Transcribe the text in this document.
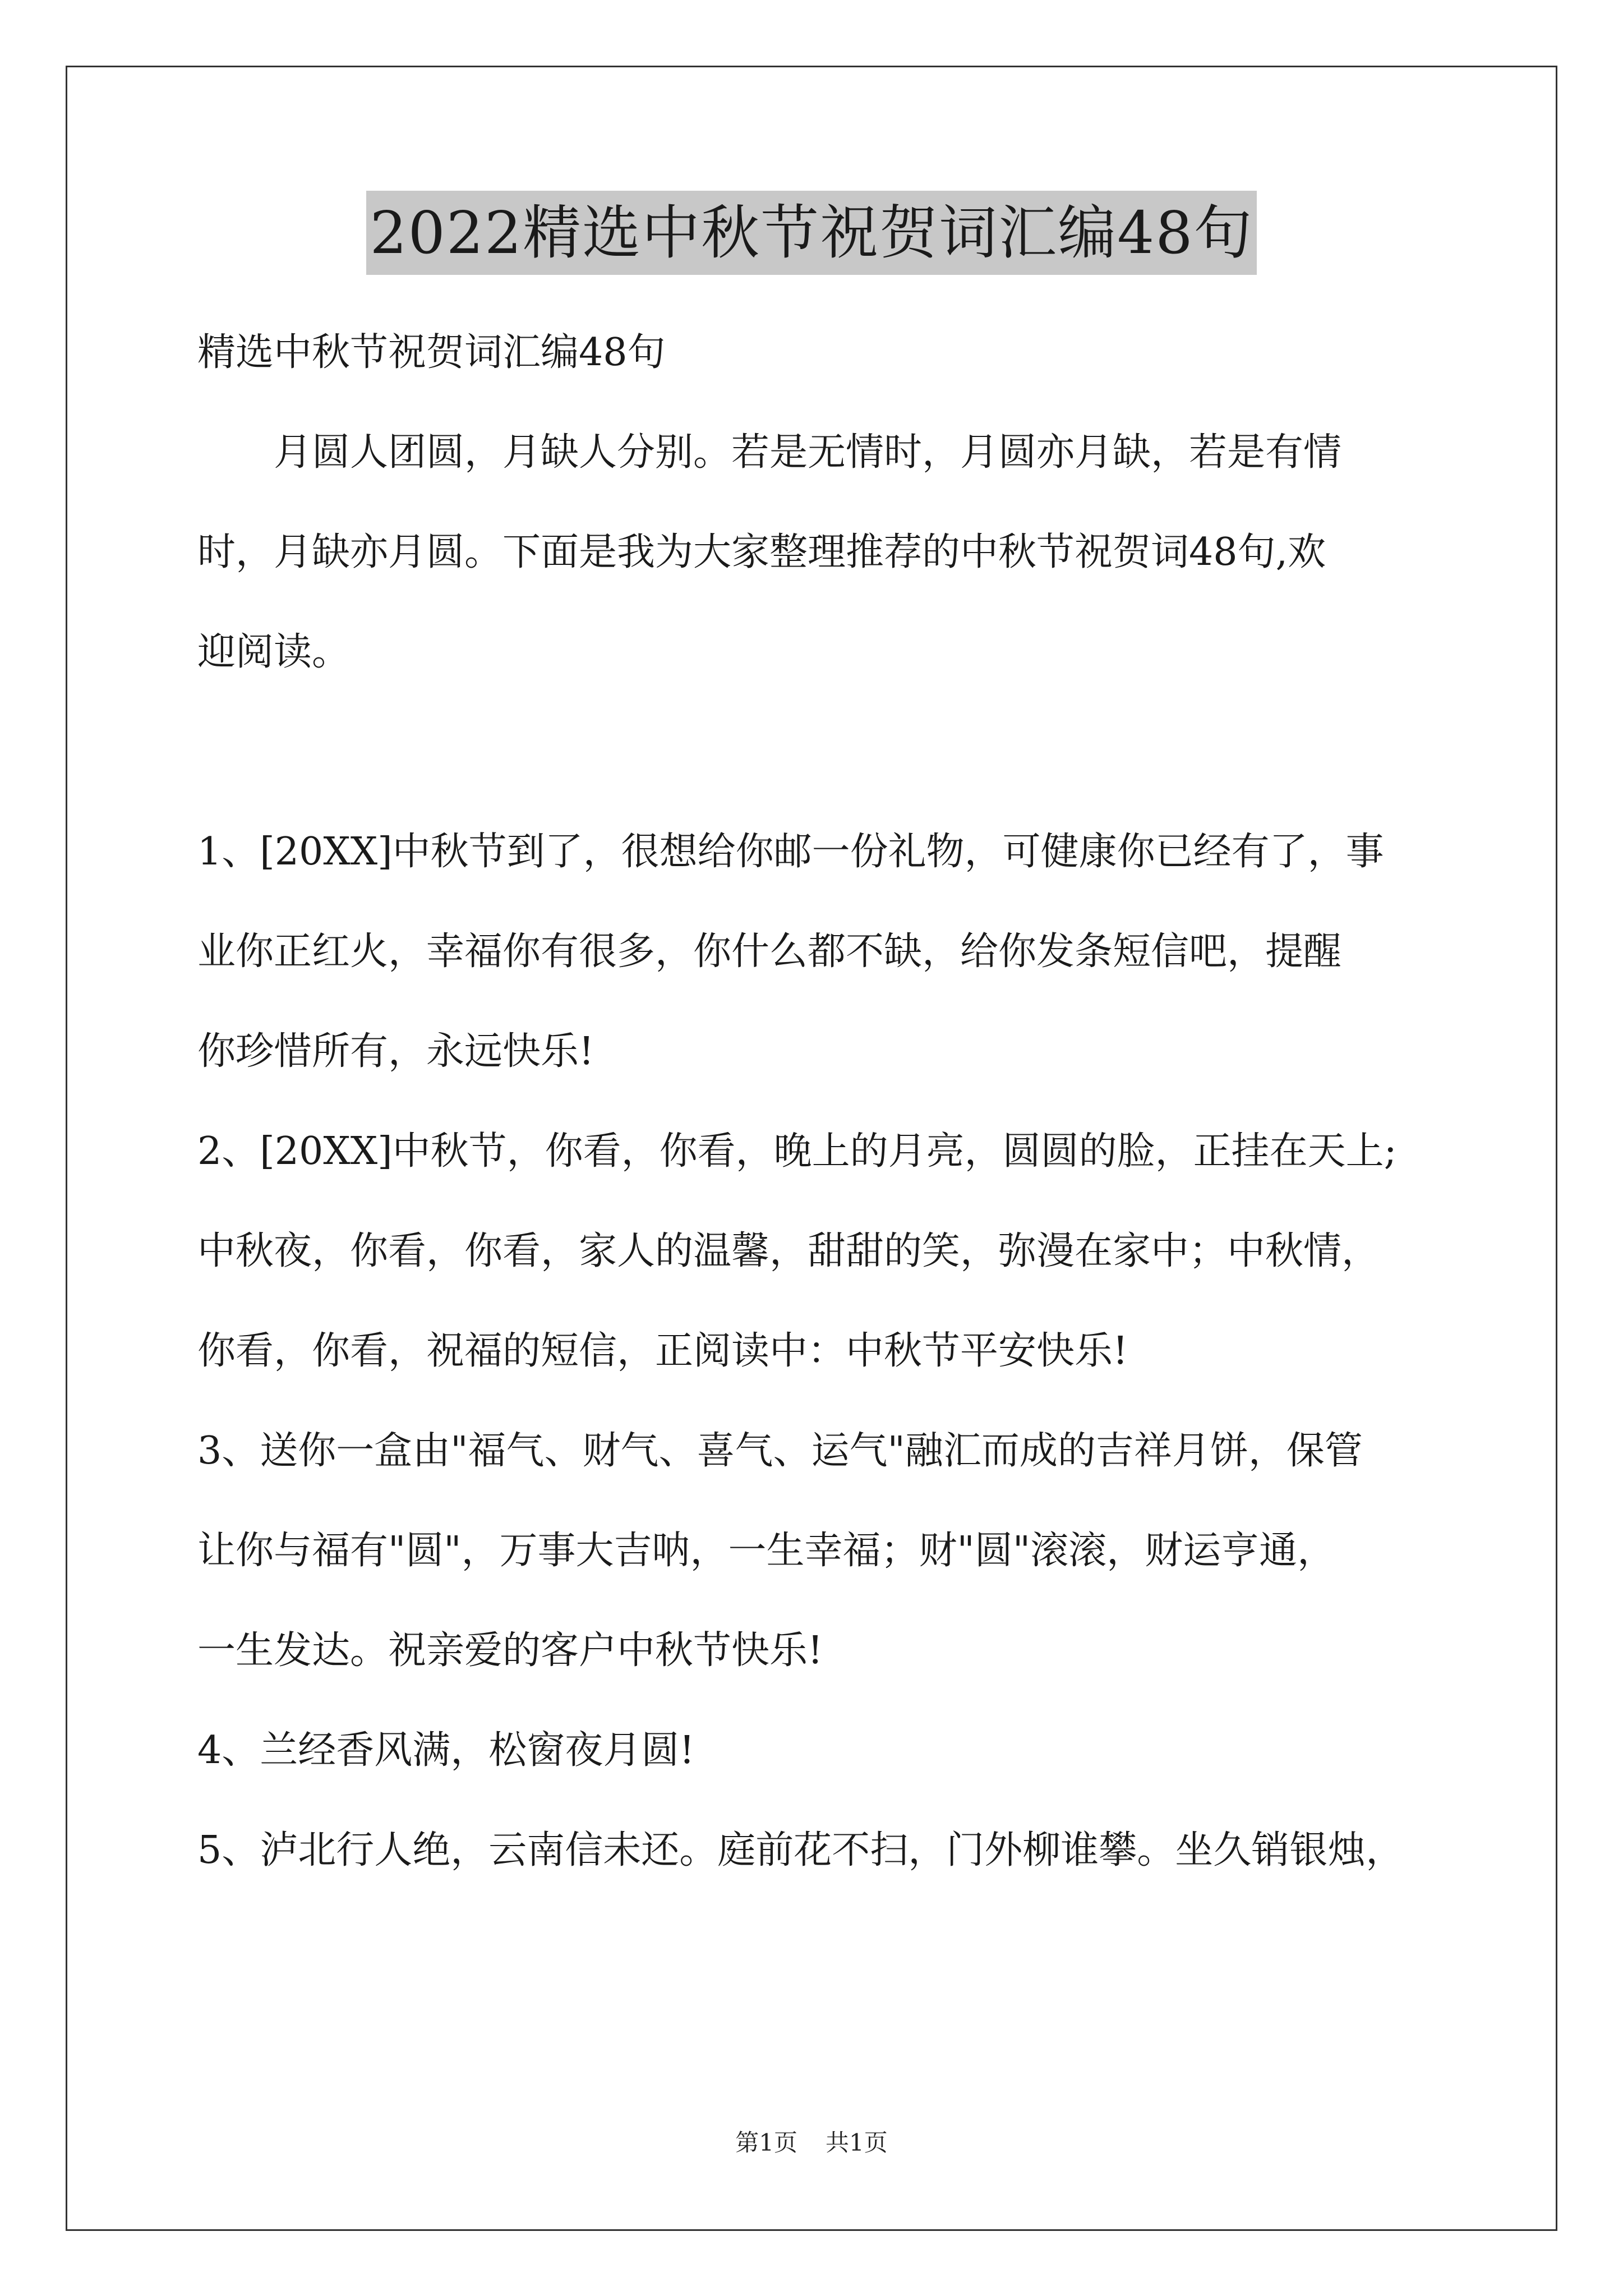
2022精选中秋节祝贺词汇编48句
精选中秋节祝贺词汇编48句
月圆人团圆，月缺人分别。若是无情时，月圆亦月缺，若是有情
时，月缺亦月圆。下面是我为大家整理推荐的中秋节祝贺词48句,欢
迎阅读。
1、[20XX]中秋节到了，很想给你邮一份礼物，可健康你已经有了，事
业你正红火，幸福你有很多，你什么都不缺，给你发条短信吧，提醒
你珍惜所有，永远快乐!
2、[20XX]中秋节，你看，你看，晚上的月亮，圆圆的脸，正挂在天上;
中秋夜，你看，你看，家人的温馨，甜甜的笑，弥漫在家中；中秋情，
你看，你看，祝福的短信，正阅读中：中秋节平安快乐!
3、送你一盒由"福气、财气、喜气、运气"融汇而成的吉祥月饼，保管
让你与福有"圆"，万事大吉呐，一生幸福；财"圆"滚滚，财运亨通，
一生发达。祝亲爱的客户中秋节快乐!
4、兰经香风满，松窗夜月圆!
5、泸北行人绝，云南信未还。庭前花不扫，门外柳谁攀。坐久销银烛，
第1页 共1页
